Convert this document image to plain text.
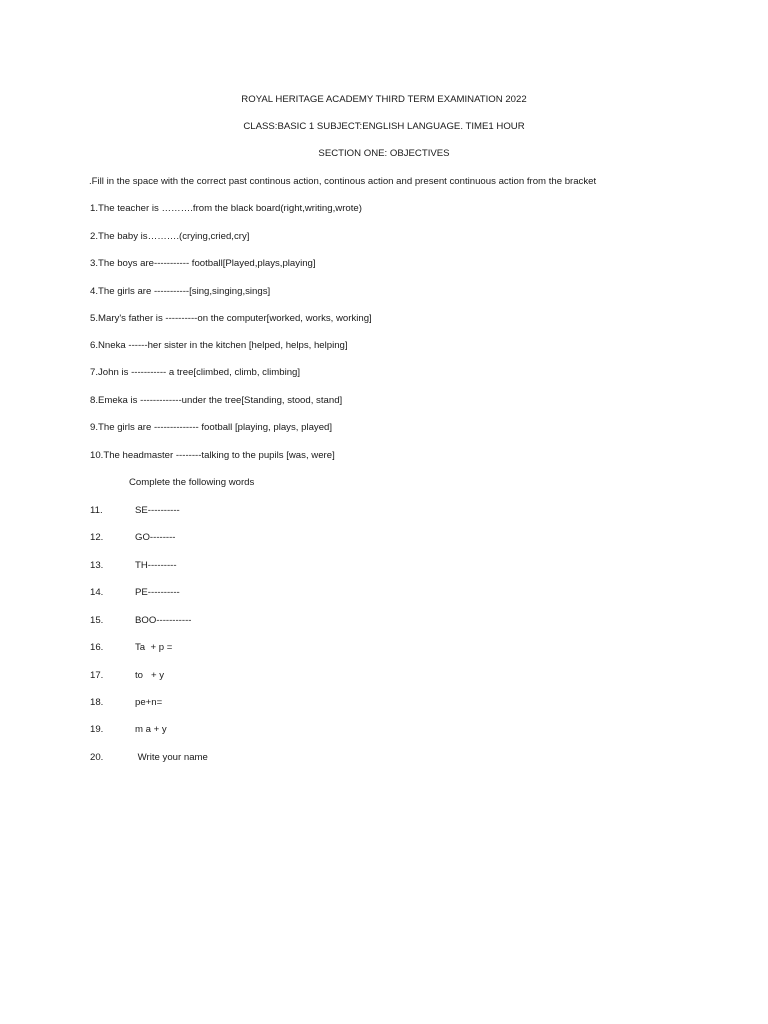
ROYAL HERITAGE ACADEMY THIRD TERM EXAMINATION 2022
CLASS:BASIC 1 SUBJECT:ENGLISH LANGUAGE. TIME1 HOUR
SECTION ONE: OBJECTIVES
.Fill in the space with the correct past continous action, continous action and present continuous action from the bracket
1.The teacher is ……….from the black board(right,writing,wrote)
2.The baby is……….(crying,cried,cry]
3.The boys are----------- football[Played,plays,playing]
4.The girls are -----------[sing,singing,sings]
5.Mary's father is ----------on the computer[worked, works, working]
6.Nneka ------her sister in the kitchen [helped, helps, helping]
7.John is ----------- a tree[climbed, climb, climbing]
8.Emeka is -------------under the tree[Standing, stood, stand]
9.The girls are -------------- football [playing, plays, played]
10.The headmaster --------talking to the pupils [was, were]
Complete the following words
11.	SE----------
12.	GO--------
13.	TH---------
14.	PE----------
15.	BOO-----------
16.	Ta  + p =
17.	to   + y
18.	pe+n=
19.	m a + y
20.	Write your name
